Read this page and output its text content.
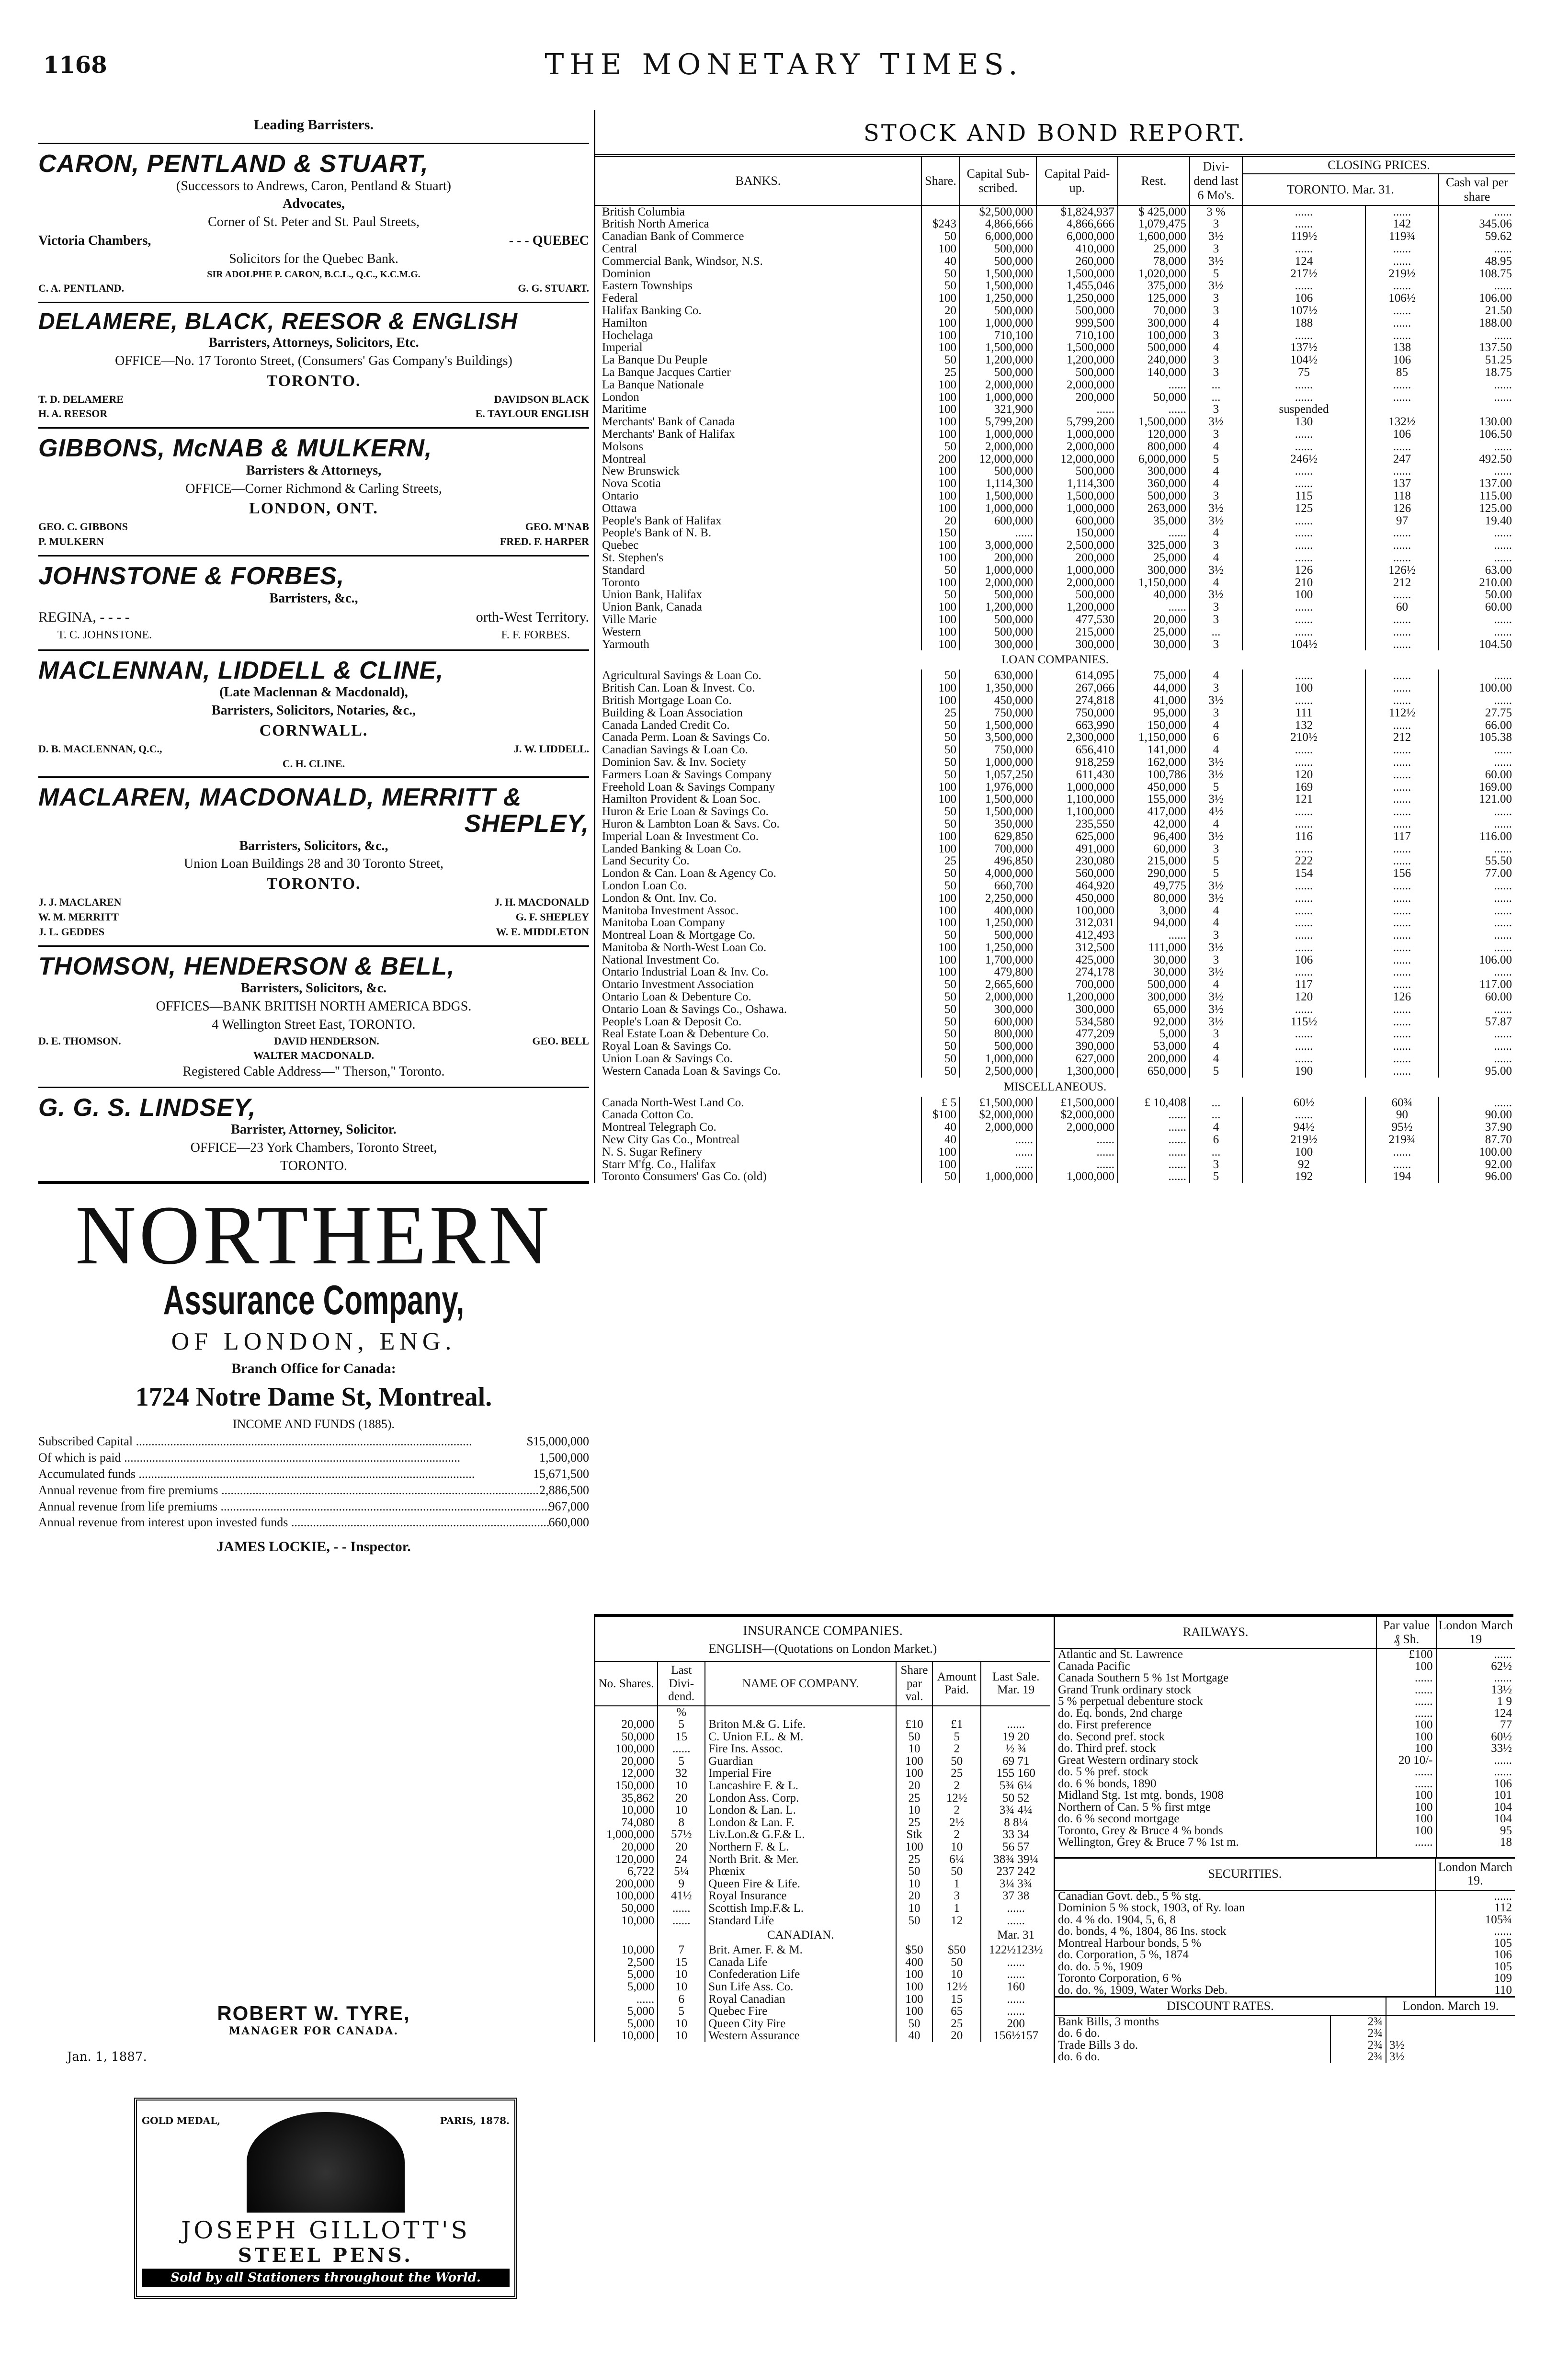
1168	THE MONETARY TIMES.
Leading Barristers.
CARON, PENTLAND & STUART,
(Successors to Andrews, Caron, Pentland & Stuart)
Advocates,
Corner of St. Peter and St. Paul Streets,
Victoria Chambers,	- - - QUEBEC
Solicitors for the Quebec Bank.
SIR ADOLPHE P. CARON, B.C.L., Q.C., K.C.M.G.
C. A. PENTLAND.	G. G. STUART.
DELAMERE, BLACK, REESOR & ENGLISH
Barristers, Attorneys, Solicitors, Etc.
OFFICE—No. 17 Toronto Street, (Consumers' Gas Company's Buildings)
TORONTO.
T. D. DELAMERE	DAVIDSON BLACK
H. A. REESOR	E. TAYLOUR ENGLISH
GIBBONS, McNAB & MULKERN,
Barristers & Attorneys,
OFFICE—Corner Richmond & Carling Streets,
LONDON, ONT.
GEO. C. GIBBONS	GEO. M'NAB
P. MULKERN	FRED. F. HARPER
JOHNSTONE & FORBES,
Barristers, &c.,
REGINA, - - - -	orth-West Territory.
T. C. JOHNSTONE.	F. F. FORBES.
MACLENNAN, LIDDELL & CLINE,
(Late Maclennan & Macdonald),
Barristers, Solicitors, Notaries, &c.,
CORNWALL.
D. B. MACLENNAN, Q.C.,	J. W. LIDDELL.
C. H. CLINE.
MACLAREN, MACDONALD, MERRITT &
SHEPLEY,
Barristers, Solicitors, &c.,
Union Loan Buildings 28 and 30 Toronto Street,
TORONTO.
J. J. MACLAREN	J. H. MACDONALD
W. M. MERRITT	G. F. SHEPLEY
J. L. GEDDES	W. E. MIDDLETON
THOMSON, HENDERSON & BELL,
Barristers, Solicitors, &c.
OFFICES—BANK BRITISH NORTH AMERICA BDGS.
4 Wellington Street East, TORONTO.
D. E. THOMSON.	DAVID HENDERSON.	GEO. BELL
WALTER MACDONALD.
Registered Cable Address—" Therson," Toronto.
G. G. S. LINDSEY,
Barrister, Attorney, Solicitor.
OFFICE—23 York Chambers, Toronto Street,
TORONTO.
NORTHERN
Assurance Company,
OF LONDON, ENG.
Branch Office for Canada:
1724 Notre Dame St, Montreal.
INCOME AND FUNDS (1885).
Subscribed Capital .....	$15,000,000
Of which is paid .....	1,500,000
Accumulated funds .....	15,671,500
Annual revenue from fire premiums .....	2,886,500
Annual revenue from life premiums .....	967,000
Annual revenue from interest upon invested funds .....	660,000
JAMES LOCKIE, - - Inspector.
ROBERT W. TYRE,
MANAGER FOR CANADA.
Jan. 1, 1887.
GOLD MEDAL,	PARIS, 1878.
JOSEPH GILLOTT'S
STEEL PENS.
Sold by all Stationers throughout the World.
STOCK AND BOND REPORT.
BANKS.	Share.	Capital Sub-scribed.	Capital Paid-up.	Rest.	Divi-dend last 6 Mo's.	CLOSING PRICES.		
						TORONTO. Mar. 31.		Cash val per share
British Columbia		$2,500,000	$1,824,937	$ 425,000	3 %	......	......	......
British North America	$243	4,866,666	4,866,666	1,079,475	3	......	142	345.06
Canadian Bank of Commerce	50	6,000,000	6,000,000	1,600,000	3½	119½	119¾	59.62
Central	100	500,000	410,000	25,000	3	......	......	......
Commercial Bank, Windsor, N.S.	40	500,000	260,000	78,000	3½	124	......	48.95
Dominion	50	1,500,000	1,500,000	1,020,000	5	217½	219½	108.75
Eastern Townships	50	1,500,000	1,455,046	375,000	3½	......	......	......
Federal	100	1,250,000	1,250,000	125,000	3	106	106½	106.00
Halifax Banking Co.	20	500,000	500,000	70,000	3	107½	......	21.50
Hamilton	100	1,000,000	999,500	300,000	4	188	......	188.00
Hochelaga	100	710,100	710,100	100,000	3	......	......	......
Imperial	100	1,500,000	1,500,000	500,000	4	137½	138	137.50
La Banque Du Peuple	50	1,200,000	1,200,000	240,000	3	104½	106	51.25
La Banque Jacques Cartier	25	500,000	500,000	140,000	3	75	85	18.75
La Banque Nationale	100	2,000,000	2,000,000	......	...	......	......	......
London	100	1,000,000	200,000	50,000	...	......	......	......
Maritime	100	321,900	......	......	3	suspended		
Merchants' Bank of Canada	100	5,799,200	5,799,200	1,500,000	3½	130	132½	130.00
Merchants' Bank of Halifax	100	1,000,000	1,000,000	120,000	3	......	106	106.50
Molsons	50	2,000,000	2,000,000	800,000	4	......	......	......
Montreal	200	12,000,000	12,000,000	6,000,000	5	246½	247	492.50
New Brunswick	100	500,000	500,000	300,000	4	......	......	......
Nova Scotia	100	1,114,300	1,114,300	360,000	4	......	137	137.00
Ontario	100	1,500,000	1,500,000	500,000	3	115	118	115.00
Ottawa	100	1,000,000	1,000,000	263,000	3½	125	126	125.00
People's Bank of Halifax	20	600,000	600,000	35,000	3½	......	97	19.40
People's Bank of N. B.	150	......	150,000	......	4	......	......	......
Quebec	100	3,000,000	2,500,000	325,000	3	......	......	......
St. Stephen's	100	200,000	200,000	25,000	4	......	......	......
Standard	50	1,000,000	1,000,000	300,000	3½	126	126½	63.00
Toronto	100	2,000,000	2,000,000	1,150,000	4	210	212	210.00
Union Bank, Halifax	50	500,000	500,000	40,000	3½	100	......	50.00
Union Bank, Canada	100	1,200,000	1,200,000	......	3	......	60	60.00
Ville Marie	100	500,000	477,530	20,000	3	......	......	......
Western	100	500,000	215,000	25,000	...	......	......	......
Yarmouth	100	300,000	300,000	30,000	3	104½	......	104.50
LOAN COMPANIES.								
Agricultural Savings & Loan Co.	50	630,000	614,095	75,000	4	......	......	......
British Can. Loan & Invest. Co.	100	1,350,000	267,066	44,000	3	100	......	100.00
British Mortgage Loan Co.	100	450,000	274,818	41,000	3½	......	......	......
Building & Loan Association	25	750,000	750,000	95,000	3	111	112½	27.75
Canada Landed Credit Co.	50	1,500,000	663,990	150,000	4	132	......	66.00
Canada Perm. Loan & Savings Co.	50	3,500,000	2,300,000	1,150,000	6	210½	212	105.38
Canadian Savings & Loan Co.	50	750,000	656,410	141,000	4	......	......	......
Dominion Sav. & Inv. Society	50	1,000,000	918,259	162,000	3½	......	......	......
Farmers Loan & Savings Company	50	1,057,250	611,430	100,786	3½	120	......	60.00
Freehold Loan & Savings Company	100	1,976,000	1,000,000	450,000	5	169	......	169.00
Hamilton Provident & Loan Soc.	100	1,500,000	1,100,000	155,000	3½	121	......	121.00
Huron & Erie Loan & Savings Co.	50	1,500,000	1,100,000	417,000	4½	......	......	......
Huron & Lambton Loan & Savs. Co.	50	350,000	235,550	42,000	4	......	......	......
Imperial Loan & Investment Co.	100	629,850	625,000	96,400	3½	116	117	116.00
Landed Banking & Loan Co.	100	700,000	491,000	60,000	3	......	......	......
Land Security Co.	25	496,850	230,080	215,000	5	222	......	55.50
London & Can. Loan & Agency Co.	50	4,000,000	560,000	290,000	5	154	156	77.00
London Loan Co.	50	660,700	464,920	49,775	3½	......	......	......
London & Ont. Inv. Co.	100	2,250,000	450,000	80,000	3½	......	......	......
Manitoba Investment Assoc.	100	400,000	100,000	3,000	4	......	......	......
Manitoba Loan Company	100	1,250,000	312,031	94,000	4	......	......	......
Montreal Loan & Mortgage Co.	50	500,000	412,493	......	3	......	......	......
Manitoba & North-West Loan Co.	100	1,250,000	312,500	111,000	3½	......	......	......
National Investment Co.	100	1,700,000	425,000	30,000	3	106	......	106.00
Ontario Industrial Loan & Inv. Co.	100	479,800	274,178	30,000	3½	......	......	......
Ontario Investment Association	50	2,665,600	700,000	500,000	4	117	......	117.00
Ontario Loan & Debenture Co.	50	2,000,000	1,200,000	300,000	3½	120	126	60.00
Ontario Loan & Savings Co., Oshawa.	50	300,000	300,000	65,000	3½	......	......	......
People's Loan & Deposit Co.	50	600,000	534,580	92,000	3½	115½	......	57.87
Real Estate Loan & Debenture Co.	50	800,000	477,209	5,000	3	......	......	......
Royal Loan & Savings Co.	50	500,000	390,000	53,000	4	......	......	......
Union Loan & Savings Co.	50	1,000,000	627,000	200,000	4	......	......	......
Western Canada Loan & Savings Co.	50	2,500,000	1,300,000	650,000	5	190	......	95.00
MISCELLANEOUS.								
Canada North-West Land Co.	£ 5	£1,500,000	£1,500,000	£ 10,408	...	60½	60¾	......
Canada Cotton Co.	$100	$2,000,000	$2,000,000	......	...	......	90	90.00
Montreal Telegraph Co.	40	2,000,000	2,000,000	......	4	94½	95½	37.90
New City Gas Co., Montreal	40	......	......	......	6	219½	219¾	87.70
N. S. Sugar Refinery	100	......	......	......	...	100	......	100.00
Starr M'fg. Co., Halifax	100	......	......	......	3	92	......	92.00
Toronto Consumers' Gas Co. (old)	50	1,000,000	1,000,000	......	5	192	194	96.00
INSURANCE COMPANIES.
ENGLISH—(Quotations on London Market.)
No. Shares.	Last Divi-dend.	NAME OF COMPANY.	Share par val.	Amount Paid.	Last Sale. Mar. 19
	%				
20,000	5	Briton M.& G. Life.	£10	£1	......
50,000	15	C. Union F.L. & M.	50	5	19 20
100,000	......	Fire Ins. Assoc.	10	2	½ ¾
20,000	5	Guardian	100	50	69 71
12,000	32	Imperial Fire	100	25	155 160
150,000	10	Lancashire F. & L.	20	2	5¾ 6¼
35,862	20	London Ass. Corp.	25	12½	50 52
10,000	10	London & Lan. L.	10	2	3¾ 4¼
74,080	8	London & Lan. F.	25	2½	8 8¼
1,000,000	57½	Liv.Lon.& G.F.& L.	Stk	2	33 34
20,000	20	Northern F. & L.	100	10	56 57
120,000	24	North Brit. & Mer.	25	6¼	38¾ 39¼
6,722	5¼	Phœnix	50	50	237 242
200,000	9	Queen Fire & Life.	10	1	3¼ 3¾
100,000	41½	Royal Insurance	20	3	37 38
50,000	......	Scottish Imp.F.& L.	10	1	......
10,000	......	Standard Life	50	12	......
		CANADIAN.			Mar. 31
10,000	7	Brit. Amer. F. & M.	$50	$50	122½123½
2,500	15	Canada Life	400	50	......
5,000	10	Confederation Life	100	10	......
5,000	10	Sun Life Ass. Co.	100	12½	160
......	6	Royal Canadian	100	15	......
5,000	5	Quebec Fire	100	65	......
5,000	10	Queen City Fire	50	25	200
10,000	10	Western Assurance	40	20	156½157
RAILWAYS.	Par value ₰ Sh.	London March 19
Atlantic and St. Lawrence	£100	......
Canada Pacific	100	62½
Canada Southern 5 % 1st Mortgage	......	......
Grand Trunk ordinary stock	......	13½
5 % perpetual debenture stock	......	1 9
do. Eq. bonds, 2nd charge	......	124
do. First preference	100	77
do. Second pref. stock	100	60½
do. Third pref. stock	100	33½
Great Western ordinary stock	20 10/-	......
do. 5 % pref. stock	......	......
do. 6 % bonds, 1890	......	106
Midland Stg. 1st mtg. bonds, 1908	100	101
Northern of Can. 5 % first mtge	100	104
do. 6 % second mortgage	100	104
Toronto, Grey & Bruce 4 % bonds	100	95
Wellington, Grey & Bruce 7 % 1st m.	......	18

SECURITIES.	London March 19.
Canadian Govt. deb., 5 % stg.	......
Dominion 5 % stock, 1903, of Ry. loan	112
do. 4 % do. 1904, 5, 6, 8	105¾
do. bonds, 4 %, 1804, 86 Ins. stock	......
Montreal Harbour bonds, 5 %	105
do. Corporation, 5 %, 1874	106
do. do. 5 %, 1909	105
Toronto Corporation, 6 %	109
do. do. %, 1909, Water Works Deb.	110
DISCOUNT RATES.		London. March 19.
Bank Bills, 3 months	2¾	
do. 6 do.	2¾	
Trade Bills 3 do.	2¾	3½
do. 6 do.	2¾	3½
